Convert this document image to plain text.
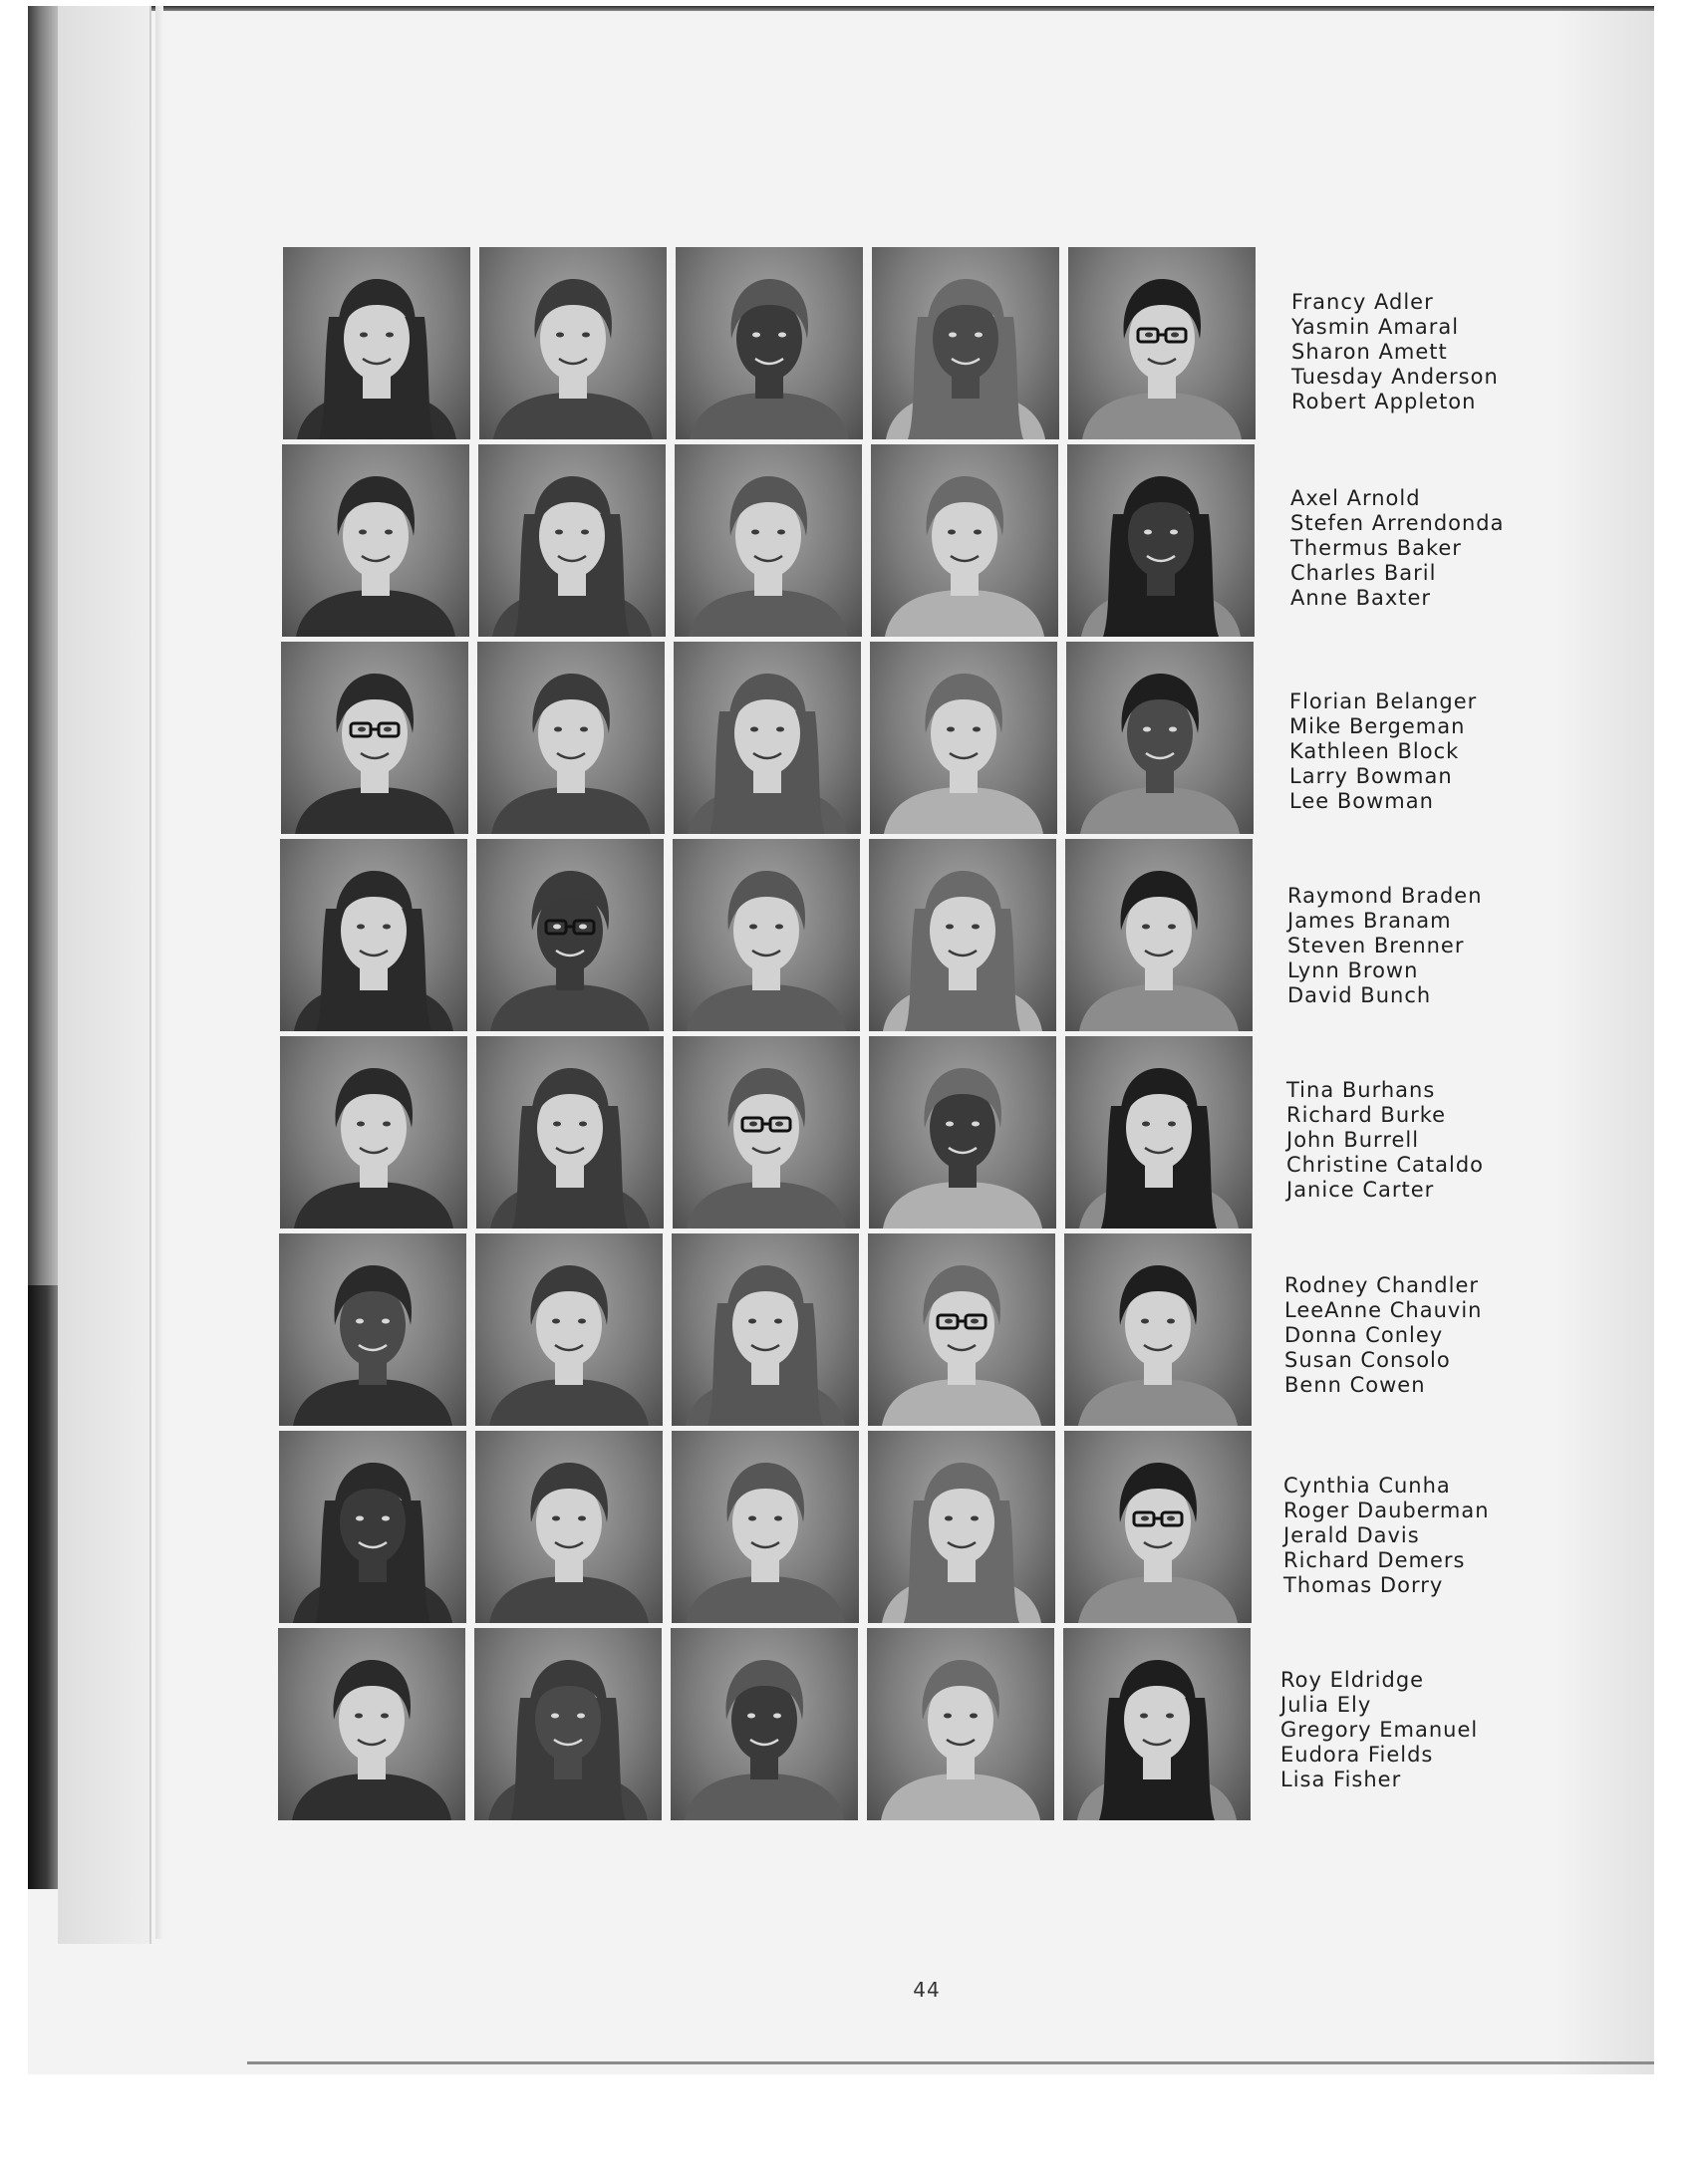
Francy Adler
Yasmin Amaral
Sharon Amett
Tuesday Anderson
Robert Appleton
Axel Arnold
Stefen Arrendonda
Thermus Baker
Charles Baril
Anne Baxter
Florian Belanger
Mike Bergeman
Kathleen Block
Larry Bowman
Lee Bowman
Raymond Braden
James Branam
Steven Brenner
Lynn Brown
David Bunch
Tina Burhans
Richard Burke
John Burrell
Christine Cataldo
Janice Carter
Rodney Chandler
LeeAnne Chauvin
Donna Conley
Susan Consolo
Benn Cowen
Cynthia Cunha
Roger Dauberman
Jerald Davis
Richard Demers
Thomas Dorry
Roy Eldridge
Julia Ely
Gregory Emanuel
Eudora Fields
Lisa Fisher
44
